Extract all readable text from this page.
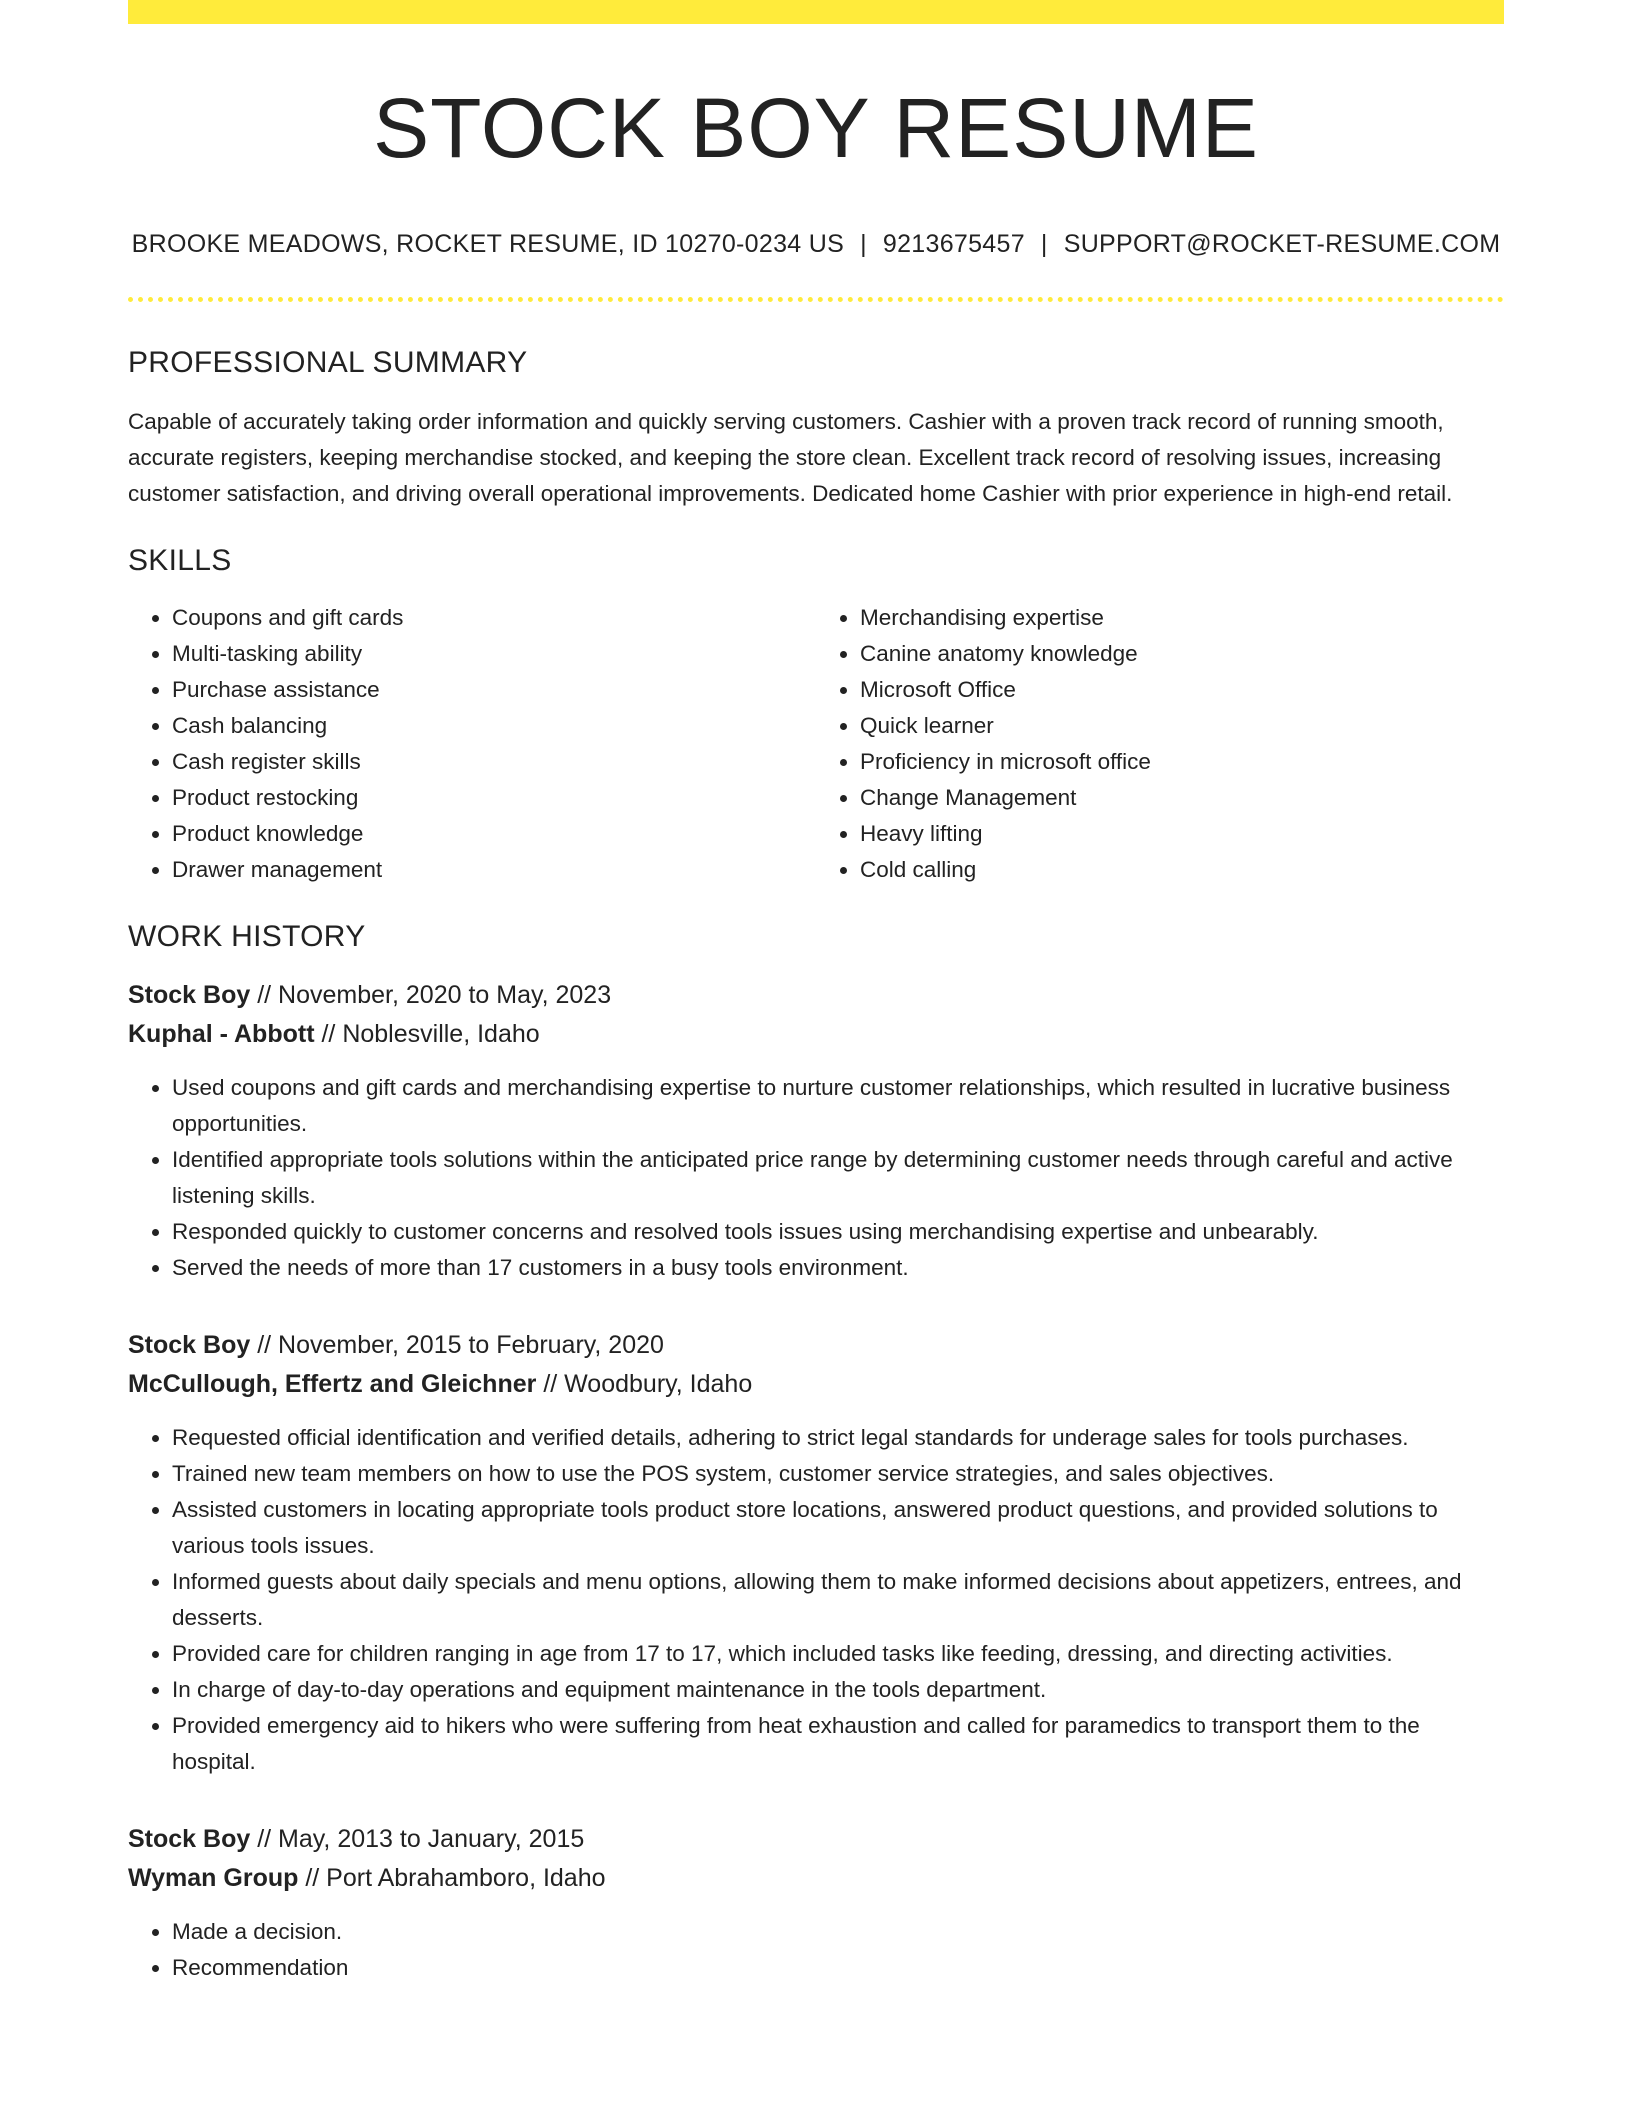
STOCK BOY RESUME
BROOKE MEADOWS, ROCKET RESUME, ID 10270-0234 US | 9213675457 | SUPPORT@ROCKET-RESUME.COM
PROFESSIONAL SUMMARY

Capable of accurately taking order information and quickly serving customers. Cashier with a proven track record of running smooth, accurate registers, keeping merchandise stocked, and keeping the store clean. Excellent track record of resolving issues, increasing customer satisfaction, and driving overall operational improvements. Dedicated home Cashier with prior experience in high-end retail.

SKILLS
• Coupons and gift cards
• Multi-tasking ability
• Purchase assistance
• Cash balancing
• Cash register skills
• Product restocking
• Product knowledge
• Drawer management
• Merchandising expertise
• Canine anatomy knowledge
• Microsoft Office
• Quick learner
• Proficiency in microsoft office
• Change Management
• Heavy lifting
• Cold calling
WORK HISTORY
Stock Boy // November, 2020 to May, 2023
Kuphal - Abbott // Noblesville, Idaho
• Used coupons and gift cards and merchandising expertise to nurture customer relationships, which resulted in lucrative business opportunities.
• Identified appropriate tools solutions within the anticipated price range by determining customer needs through careful and active listening skills.
• Responded quickly to customer concerns and resolved tools issues using merchandising expertise and unbearably.
• Served the needs of more than 17 customers in a busy tools environment.
Stock Boy // November, 2015 to February, 2020
McCullough, Effertz and Gleichner // Woodbury, Idaho
• Requested official identification and verified details, adhering to strict legal standards for underage sales for tools purchases.
• Trained new team members on how to use the POS system, customer service strategies, and sales objectives.
• Assisted customers in locating appropriate tools product store locations, answered product questions, and provided solutions to various tools issues.
• Informed guests about daily specials and menu options, allowing them to make informed decisions about appetizers, entrees, and desserts.
• Provided care for children ranging in age from 17 to 17, which included tasks like feeding, dressing, and directing activities.
• In charge of day-to-day operations and equipment maintenance in the tools department.
• Provided emergency aid to hikers who were suffering from heat exhaustion and called for paramedics to transport them to the hospital.
Stock Boy // May, 2013 to January, 2015
Wyman Group // Port Abrahamboro, Idaho
• Made a decision.
• Recommendation
